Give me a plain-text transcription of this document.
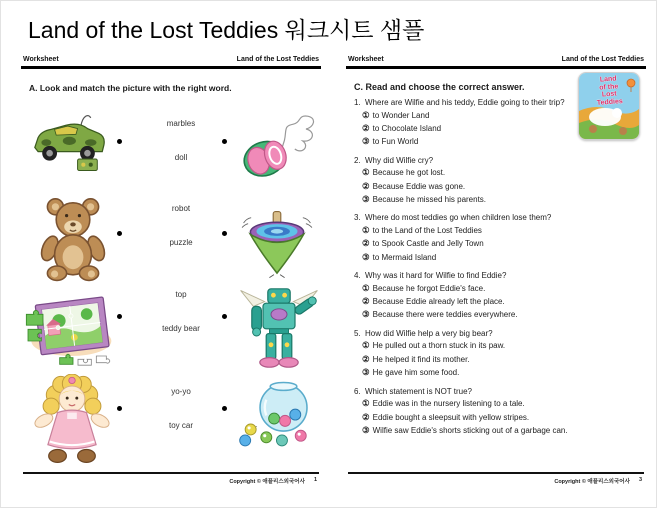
Land of the Lost Teddies 워크시트 샘플
Worksheet	Land of the Lost Teddies
A. Look and match the picture with the right word.
marbles
doll
robot
puzzle
top
teddy bear
yo-yo
toy car
Copyright © 애플리스외국어사 1
Worksheet	Land of the Lost Teddies
C. Read and choose the correct answer.
Land
of the
Lost
Teddies
1. Where are Wilfie and his teddy, Eddie going to their trip?
① to Wonder Land
② to Chocolate Island
③ to Fun World
2. Why did Wilfie cry?
① Because he got lost.
② Because Eddie was gone.
③ Because he missed his parents.
3. Where do most teddies go when children lose them?
① to the Land of the Lost Teddies
② to Spook Castle and Jelly Town
③ to Mermaid Island
4. Why was it hard for Wilfie to find Eddie?
① Because he forgot Eddie's face.
② Because Eddie already left the place.
③ Because there were teddies everywhere.
5. How did Wilfie help a very big bear?
① He pulled out a thorn stuck in its paw.
② He helped it find its mother.
③ He gave him some food.
6. Which statement is NOT true?
① Eddie was in the nursery listening to a tale.
② Eddie bought a sleepsuit with yellow stripes.
③ Wilfie saw Eddie's shorts sticking out of a garbage can.
Copyright © 애플리스외국어사 3
